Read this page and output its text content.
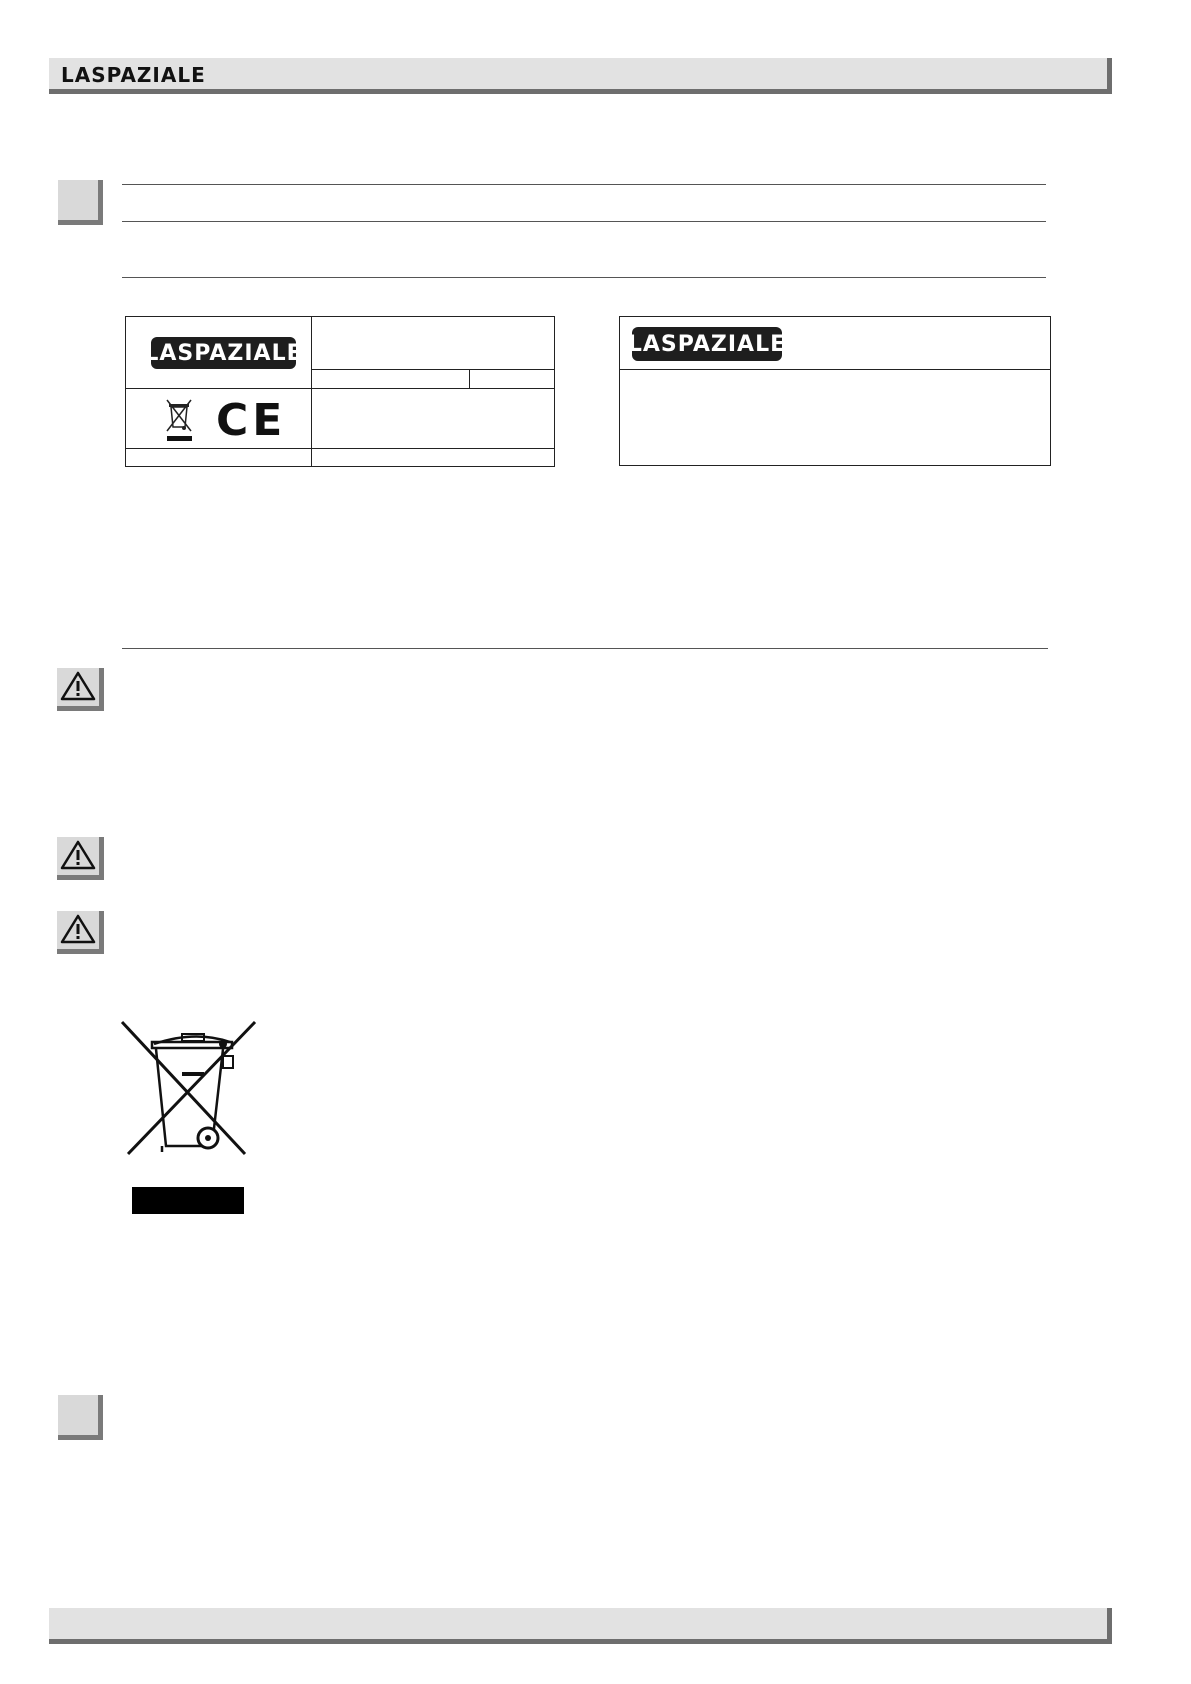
LASPAZIALE
LASPAZIALE
CE
LASPAZIALE
